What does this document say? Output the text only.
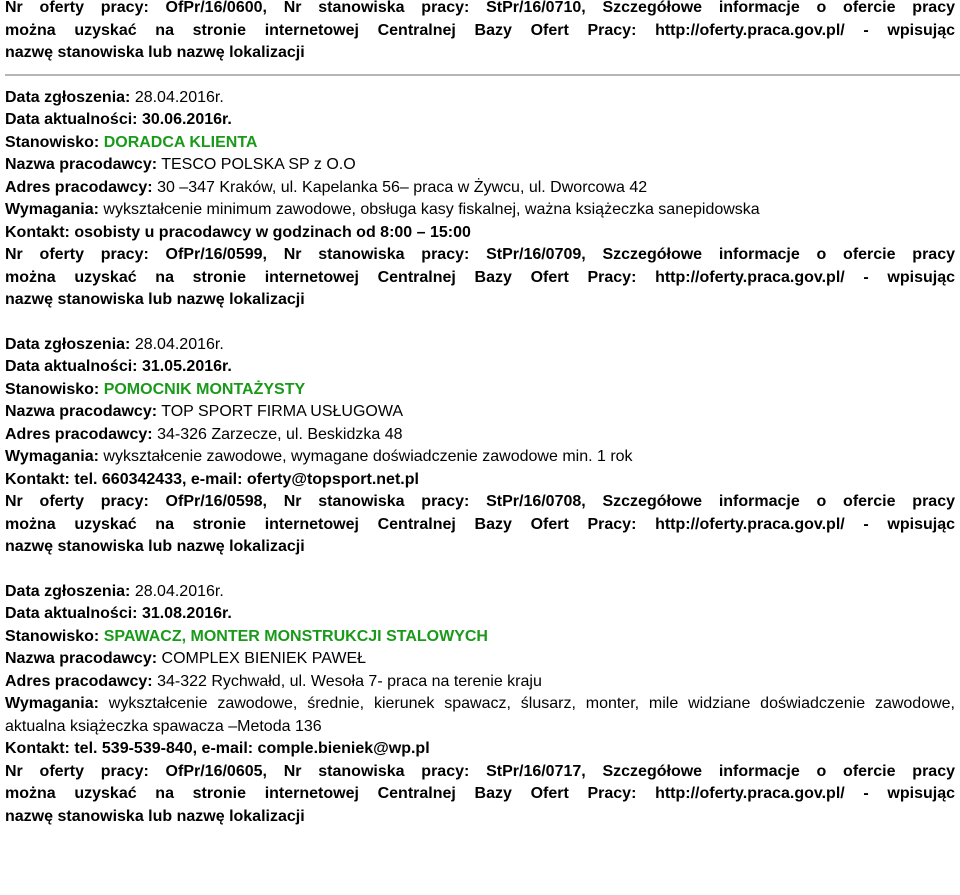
Nr oferty pracy: OfPr/16/0600, Nr stanowiska pracy: StPr/16/0710, Szczegółowe informacje o ofercie pracy
można uzyskać na stronie internetowej Centralnej Bazy Ofert Pracy: http://oferty.praca.gov.pl/ - wpisując
nazwę stanowiska lub nazwę lokalizacji
Data zgłoszenia: 28.04.2016r.
Data aktualności: 30.06.2016r.
Stanowisko: DORADCA KLIENTA
Nazwa pracodawcy: TESCO POLSKA SP z O.O
Adres pracodawcy: 30 –347 Kraków, ul. Kapelanka 56– praca w Żywcu, ul. Dworcowa 42
Wymagania: wykształcenie minimum zawodowe, obsługa kasy fiskalnej, ważna książeczka sanepidowska
Kontakt: osobisty u pracodawcy w godzinach od 8:00 – 15:00
Nr oferty pracy: OfPr/16/0599, Nr stanowiska pracy: StPr/16/0709, Szczegółowe informacje o ofercie pracy
można uzyskać na stronie internetowej Centralnej Bazy Ofert Pracy: http://oferty.praca.gov.pl/ - wpisując
nazwę stanowiska lub nazwę lokalizacji
Data zgłoszenia: 28.04.2016r.
Data aktualności: 31.05.2016r.
Stanowisko: POMOCNIK MONTAŻYSTY
Nazwa pracodawcy: TOP SPORT FIRMA USŁUGOWA
Adres pracodawcy: 34-326 Zarzecze, ul. Beskidzka 48
Wymagania: wykształcenie zawodowe, wymagane doświadczenie zawodowe min. 1 rok
Kontakt: tel. 660342433, e-mail: oferty@topsport.net.pl
Nr oferty pracy: OfPr/16/0598, Nr stanowiska pracy: StPr/16/0708, Szczegółowe informacje o ofercie pracy
można uzyskać na stronie internetowej Centralnej Bazy Ofert Pracy: http://oferty.praca.gov.pl/ - wpisując
nazwę stanowiska lub nazwę lokalizacji
Data zgłoszenia: 28.04.2016r.
Data aktualności: 31.08.2016r.
Stanowisko: SPAWACZ, MONTER MONSTRUKCJI STALOWYCH
Nazwa pracodawcy: COMPLEX BIENIEK PAWEŁ
Adres pracodawcy: 34-322 Rychwałd, ul. Wesoła 7- praca na terenie kraju
Wymagania: wykształcenie zawodowe, średnie, kierunek spawacz, ślusarz, monter, mile widziane doświadczenie zawodowe, aktualna książeczka spawacza –Metoda 136
Kontakt: tel. 539-539-840, e-mail: comple.bieniek@wp.pl
Nr oferty pracy: OfPr/16/0605, Nr stanowiska pracy: StPr/16/0717, Szczegółowe informacje o ofercie pracy
można uzyskać na stronie internetowej Centralnej Bazy Ofert Pracy: http://oferty.praca.gov.pl/ - wpisując
nazwę stanowiska lub nazwę lokalizacji
